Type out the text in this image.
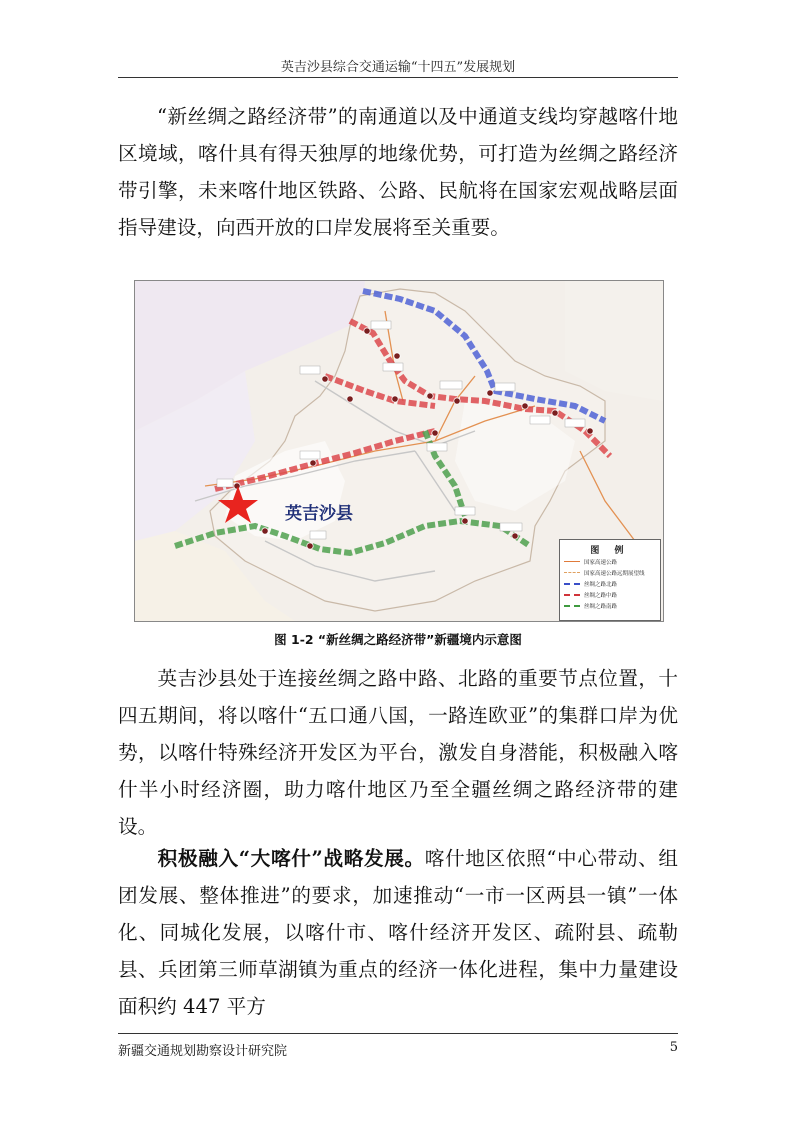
英吉沙县综合交通运输“十四五”发展规划
“新丝绸之路经济带”的南通道以及中通道支线均穿越喀什地区境域，喀什具有得天独厚的地缘优势，可打造为丝绸之路经济带引擎，未来喀什地区铁路、公路、民航将在国家宏观战略层面指导建设，向西开放的口岸发展将至关重要。
英吉沙县
图 例
国家高速公路
国家高速公路远期展望线
丝绸之路北路
丝绸之路中路
丝绸之路南路
图 1-2 “新丝绸之路经济带”新疆境内示意图
英吉沙县处于连接丝绸之路中路、北路的重要节点位置，十四五期间，将以喀什“五口通八国，一路连欧亚”的集群口岸为优势，以喀什特殊经济开发区为平台，激发自身潜能，积极融入喀什半小时经济圈，助力喀什地区乃至全疆丝绸之路经济带的建设。
积极融入“大喀什”战略发展。喀什地区依照“中心带动、组团发展、整体推进”的要求，加速推动“一市一区两县一镇”一体化、同城化发展，以喀什市、喀什经济开发区、疏附县、疏勒县、兵团第三师草湖镇为重点的经济一体化进程，集中力量建设面积约 447 平方
新疆交通规划勘察设计研究院	5
